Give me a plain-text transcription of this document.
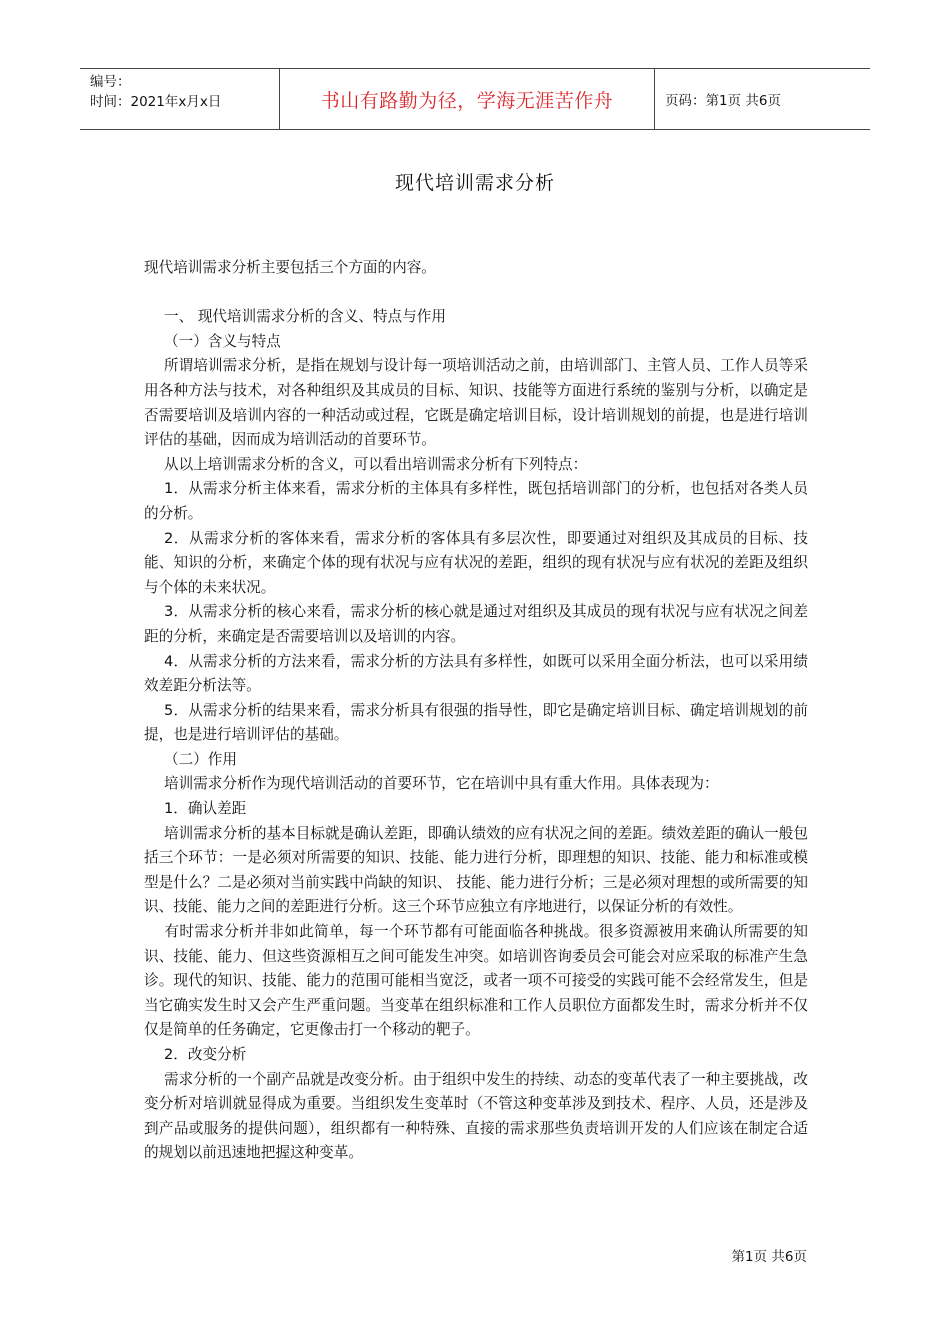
编号：
时间：2021年x月x日	书山有路勤为径，学海无涯苦作舟	页码：第1页 共6页
现代培训需求分析

现代培训需求分析主要包括三个方面的内容。

一、 现代培训需求分析的含义、特点与作用

（一）含义与特点

所谓培训需求分析，是指在规划与设计每一项培训活动之前，由培训部门、主管人员、工作人员等采用各种方法与技术，对各种组织及其成员的目标、知识、技能等方面进行系统的鉴别与分析，以确定是否需要培训及培训内容的一种活动或过程，它既是确定培训目标，设计培训规划的前提，也是进行培训评估的基础，因而成为培训活动的首要环节。

从以上培训需求分析的含义，可以看出培训需求分析有下列特点：

1．从需求分析主体来看，需求分析的主体具有多样性，既包括培训部门的分析，也包括对各类人员的分析。

2．从需求分析的客体来看，需求分析的客体具有多层次性，即要通过对组织及其成员的目标、技能、知识的分析，来确定个体的现有状况与应有状况的差距，组织的现有状况与应有状况的差距及组织与个体的未来状况。

3．从需求分析的核心来看，需求分析的核心就是通过对组织及其成员的现有状况与应有状况之间差距的分析，来确定是否需要培训以及培训的内容。

4．从需求分析的方法来看，需求分析的方法具有多样性，如既可以采用全面分析法，也可以采用绩效差距分析法等。

5．从需求分析的结果来看，需求分析具有很强的指导性，即它是确定培训目标、确定培训规划的前提，也是进行培训评估的基础。

（二）作用

培训需求分析作为现代培训活动的首要环节，它在培训中具有重大作用。具体表现为：

1．确认差距

培训需求分析的基本目标就是确认差距，即确认绩效的应有状况之间的差距。绩效差距的确认一般包括三个环节：一是必须对所需要的知识、技能、能力进行分析，即理想的知识、技能、能力和标准或模型是什么？二是必须对当前实践中尚缺的知识、 技能、能力进行分析；三是必须对理想的或所需要的知识、技能、能力之间的差距进行分析。这三个环节应独立有序地进行，以保证分析的有效性。

有时需求分析并非如此简单，每一个环节都有可能面临各种挑战。很多资源被用来确认所需要的知识、技能、能力、但这些资源相互之间可能发生冲突。如培训咨询委员会可能会对应采取的标准产生急诊。现代的知识、技能、能力的范围可能相当宽泛，或者一项不可接受的实践可能不会经常发生，但是当它确实发生时又会产生严重问题。当变革在组织标准和工作人员职位方面都发生时，需求分析并不仅仅是简单的任务确定，它更像击打一个移动的靶子。

2．改变分析

需求分析的一个副产品就是改变分析。由于组织中发生的持续、动态的变革代表了一种主要挑战，改变分析对培训就显得成为重要。当组织发生变革时（不管这种变革涉及到技术、程序、人员，还是涉及到产品或服务的提供问题），组织都有一种特殊、直接的需求那些负责培训开发的人们应该在制定合适的规划以前迅速地把握这种变革。

第1页 共6页
